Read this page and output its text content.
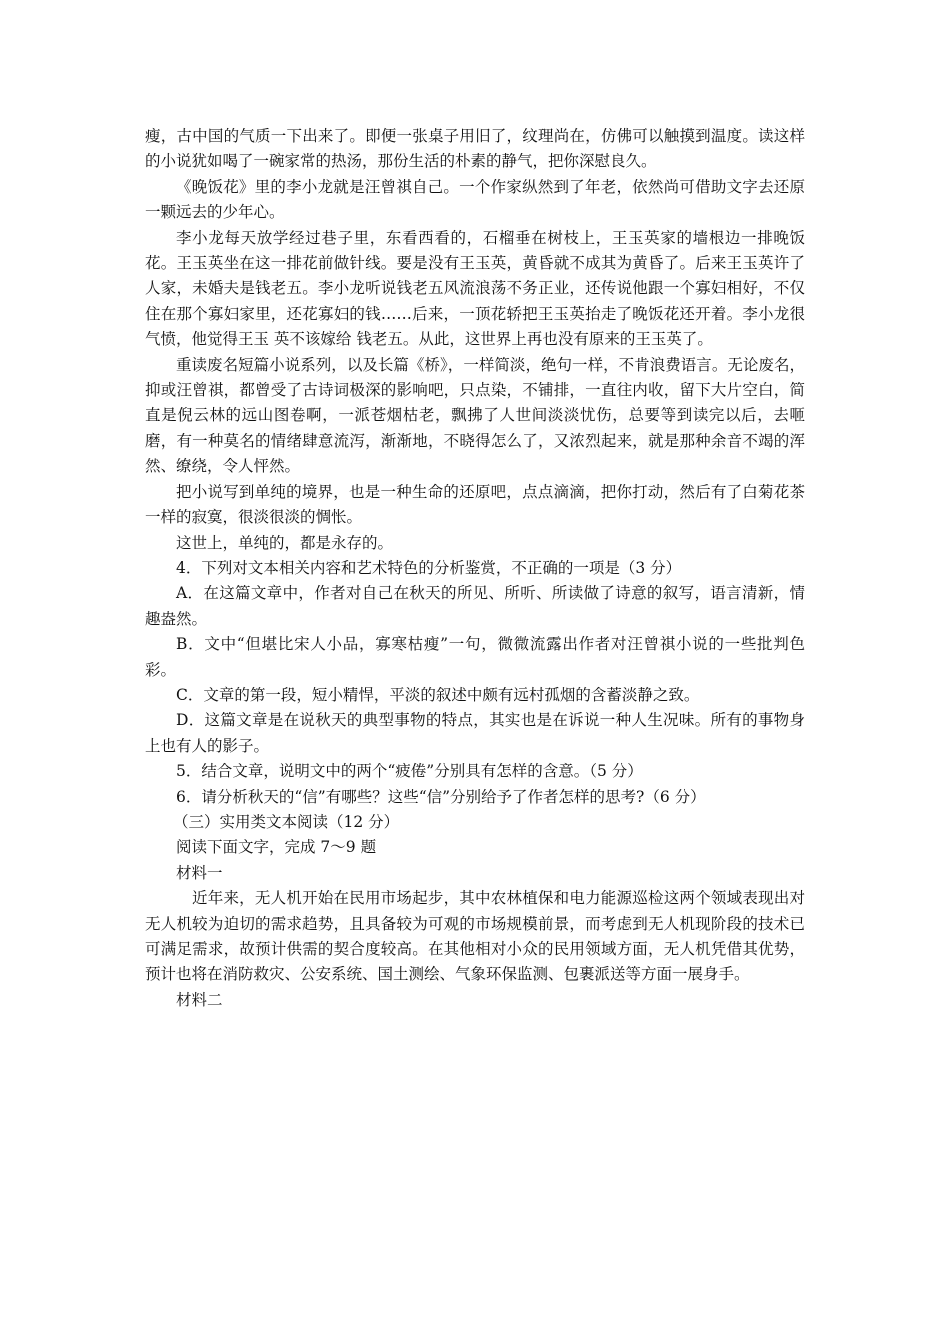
瘦，古中国的气质一下出来了。即便一张桌子用旧了，纹理尚在，仿佛可以触摸到温度。读这样的小说犹如喝了一碗家常的热汤，那份生活的朴素的静气，把你深慰良久。

《晚饭花》里的李小龙就是汪曾祺自己。一个作家纵然到了年老，依然尚可借助文字去还原一颗远去的少年心。

李小龙每天放学经过巷子里，东看西看的，石榴垂在树枝上，王玉英家的墙根边一排晚饭花。王玉英坐在这一排花前做针线。要是没有王玉英，黄昏就不成其为黄昏了。后来王玉英许了人家，未婚夫是钱老五。李小龙听说钱老五风流浪荡不务正业，还传说他跟一个寡妇相好，不仅住在那个寡妇家里，还花寡妇的钱……后来，一顶花轿把王玉英抬走了晚饭花还开着。李小龙很气愤，他觉得王玉 英不该嫁给 钱老五。从此，这世界上再也没有原来的王玉英了。

重读废名短篇小说系列，以及长篇《桥》，一样简淡，绝句一样，不肯浪费语言。无论废名，抑或汪曾祺，都曾受了古诗词极深的影响吧，只点染，不铺排，一直往内收，留下大片空白，简直是倪云林的远山图卷啊，一派苍烟枯老，飘拂了人世间淡淡忧伤，总要等到读完以后，去咂磨，有一种莫名的情绪肆意流泻，渐渐地，不晓得怎么了，又浓烈起来，就是那种余音不竭的浑然、缭绕，令人怦然。

把小说写到单纯的境界，也是一种生命的还原吧，点点滴滴，把你打动，然后有了白菊花茶一样的寂寞，很淡很淡的惆怅。

这世上，单纯的，都是永存的。

4．下列对文本相关内容和艺术特色的分析鉴赏，不正确的一项是（3 分）

A．在这篇文章中，作者对自己在秋天的所见、所听、所读做了诗意的叙写，语言清新，情趣盎然。

B．文中“但堪比宋人小品，寡寒枯瘦”一句，微微流露出作者对汪曾祺小说的一些批判色彩。

C．文章的第一段，短小精悍，平淡的叙述中颇有远村孤烟的含蓄淡静之致。

D．这篇文章是在说秋天的典型事物的特点，其实也是在诉说一种人生况味。所有的事物身上也有人的影子。

5．结合文章，说明文中的两个“疲倦”分别具有怎样的含意。（5 分）

6．请分析秋天的“信”有哪些？这些“信”分别给予了作者怎样的思考?（6 分）

（三）实用类文本阅读（12 分）

阅读下面文字，完成 7～9 题

材料一

近年来，无人机开始在民用市场起步，其中农林植保和电力能源巡检这两个领域表现出对无人机较为迫切的需求趋势，且具备较为可观的市场规模前景，而考虑到无人机现阶段的技术已可满足需求，故预计供需的契合度较高。在其他相对小众的民用领域方面，无人机凭借其优势，预计也将在消防救灾、公安系统、国土测绘、气象环保监测、包裹派送等方面一展身手。

材料二
